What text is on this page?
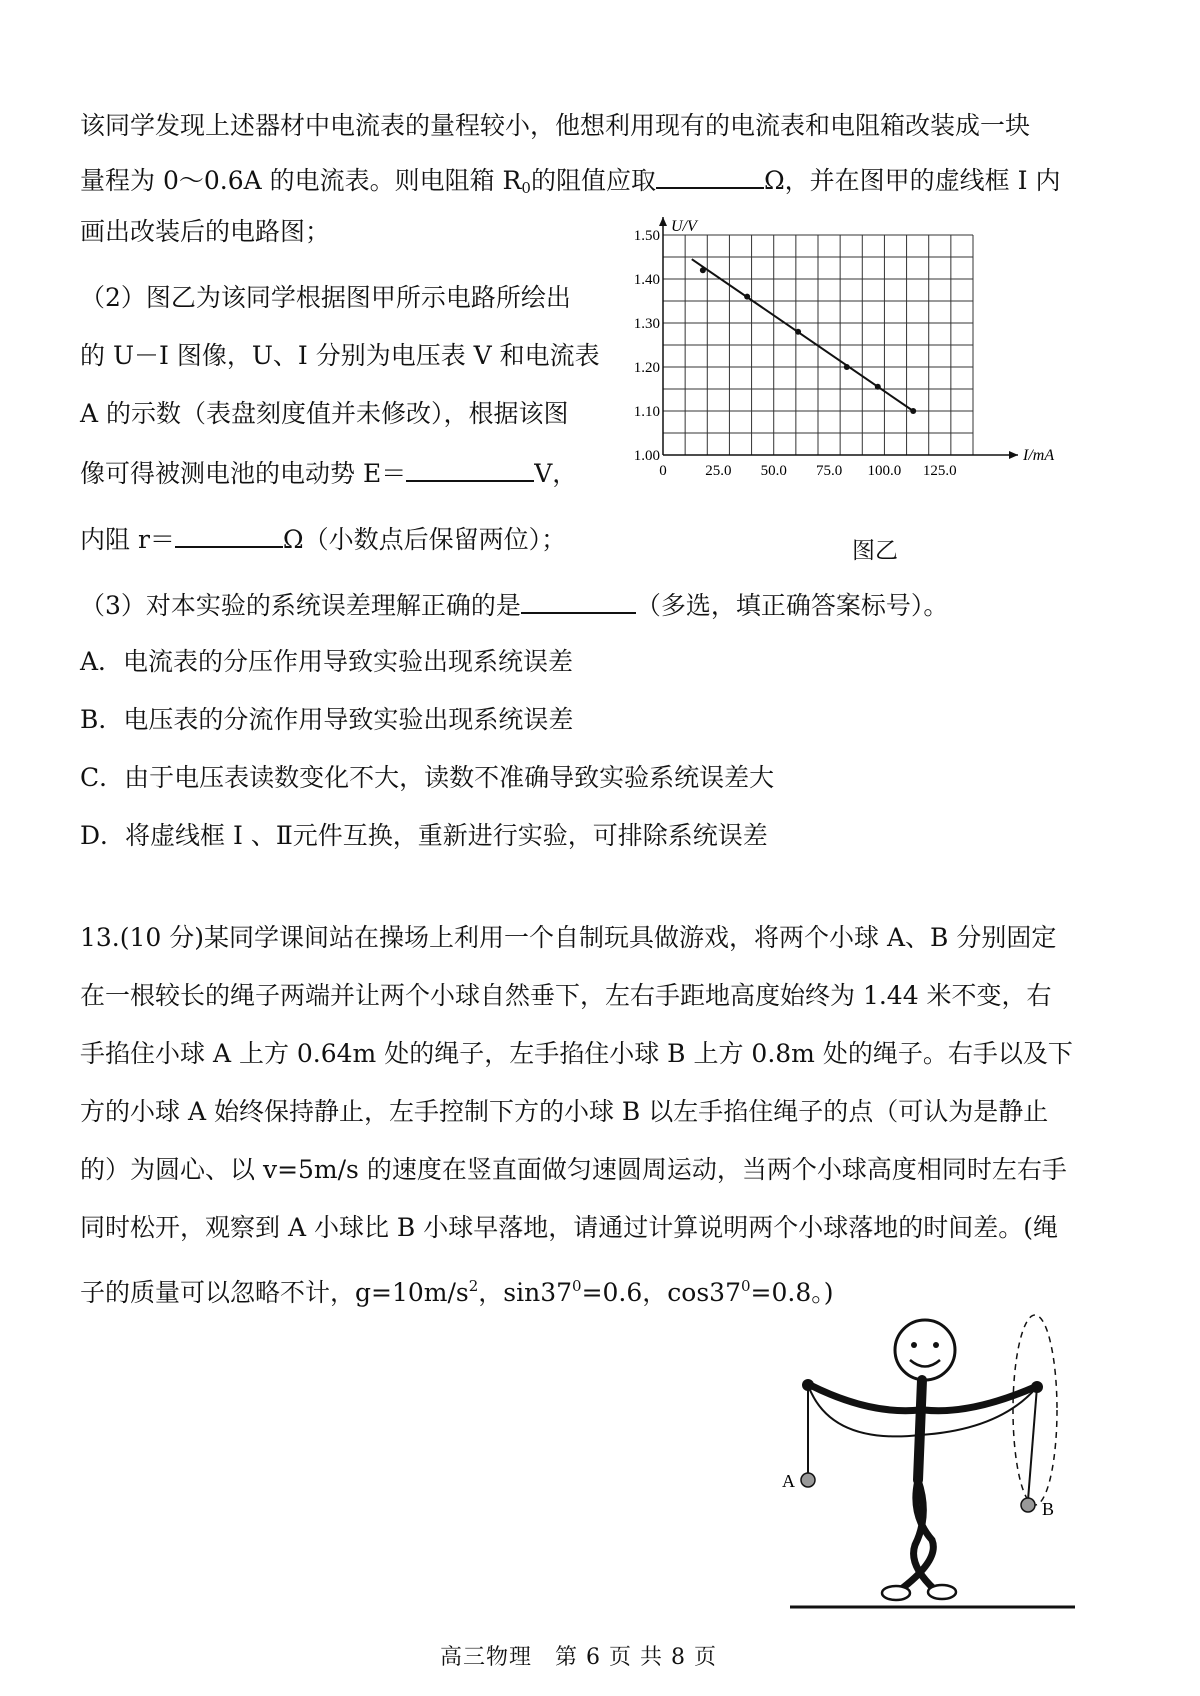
该同学发现上述器材中电流表的量程较小，他想利用现有的电流表和电阻箱改装成一块
量程为 0～0.6A 的电流表。则电阻箱 $R_0$的阻值应取	Ω，并在图甲的虚线框 I 内
画出改装后的电路图；
（2）图乙为该同学根据图甲所示电路所绘出
的 U－I 图像，U、I 分别为电压表 V 和电流表
A 的示数（表盘刻度值并未修改），根据该图
像可得被测电池的电动势 E＝	V，
内阻 r＝	Ω（小数点后保留两位）；
（3）对本实验的系统误差理解正确的是	（多选，填正确答案标号）。
A．电流表的分压作用导致实验出现系统误差
B．电压表的分流作用导致实验出现系统误差
C．由于电压表读数变化不大，读数不准确导致实验系统误差大
D．将虚线框 I 、Ⅱ元件互换，重新进行实验，可排除系统误差
13.(10 分)某同学课间站在操场上利用一个自制玩具做游戏，将两个小球 A、B 分别固定
在一根较长的绳子两端并让两个小球自然垂下，左右手距地高度始终为 1.44 米不变，右
手掐住小球 A 上方 0.64m 处的绳子，左手掐住小球 B 上方 0.8m 处的绳子。右手以及下
方的小球 A 始终保持静止，左手控制下方的小球 B 以左手掐住绳子的点（可认为是静止
的）为圆心、以 v=5m/s 的速度在竖直面做匀速圆周运动，当两个小球高度相同时左右手
同时松开，观察到 A 小球比 B 小球早落地，请通过计算说明两个小球落地的时间差。(绳
子的质量可以忽略不计，$g=10m/s^2$，$\sin 37^0=0.6$，$\cos 37^0=0.8$。)
0	25.0 50.0 75.0 100.0 125.0
1.00
1.10
1.20
1.30
1.40
1.50
U/V
I/mA
图乙
A
B
高三物理　第 6 页 共 8 页
